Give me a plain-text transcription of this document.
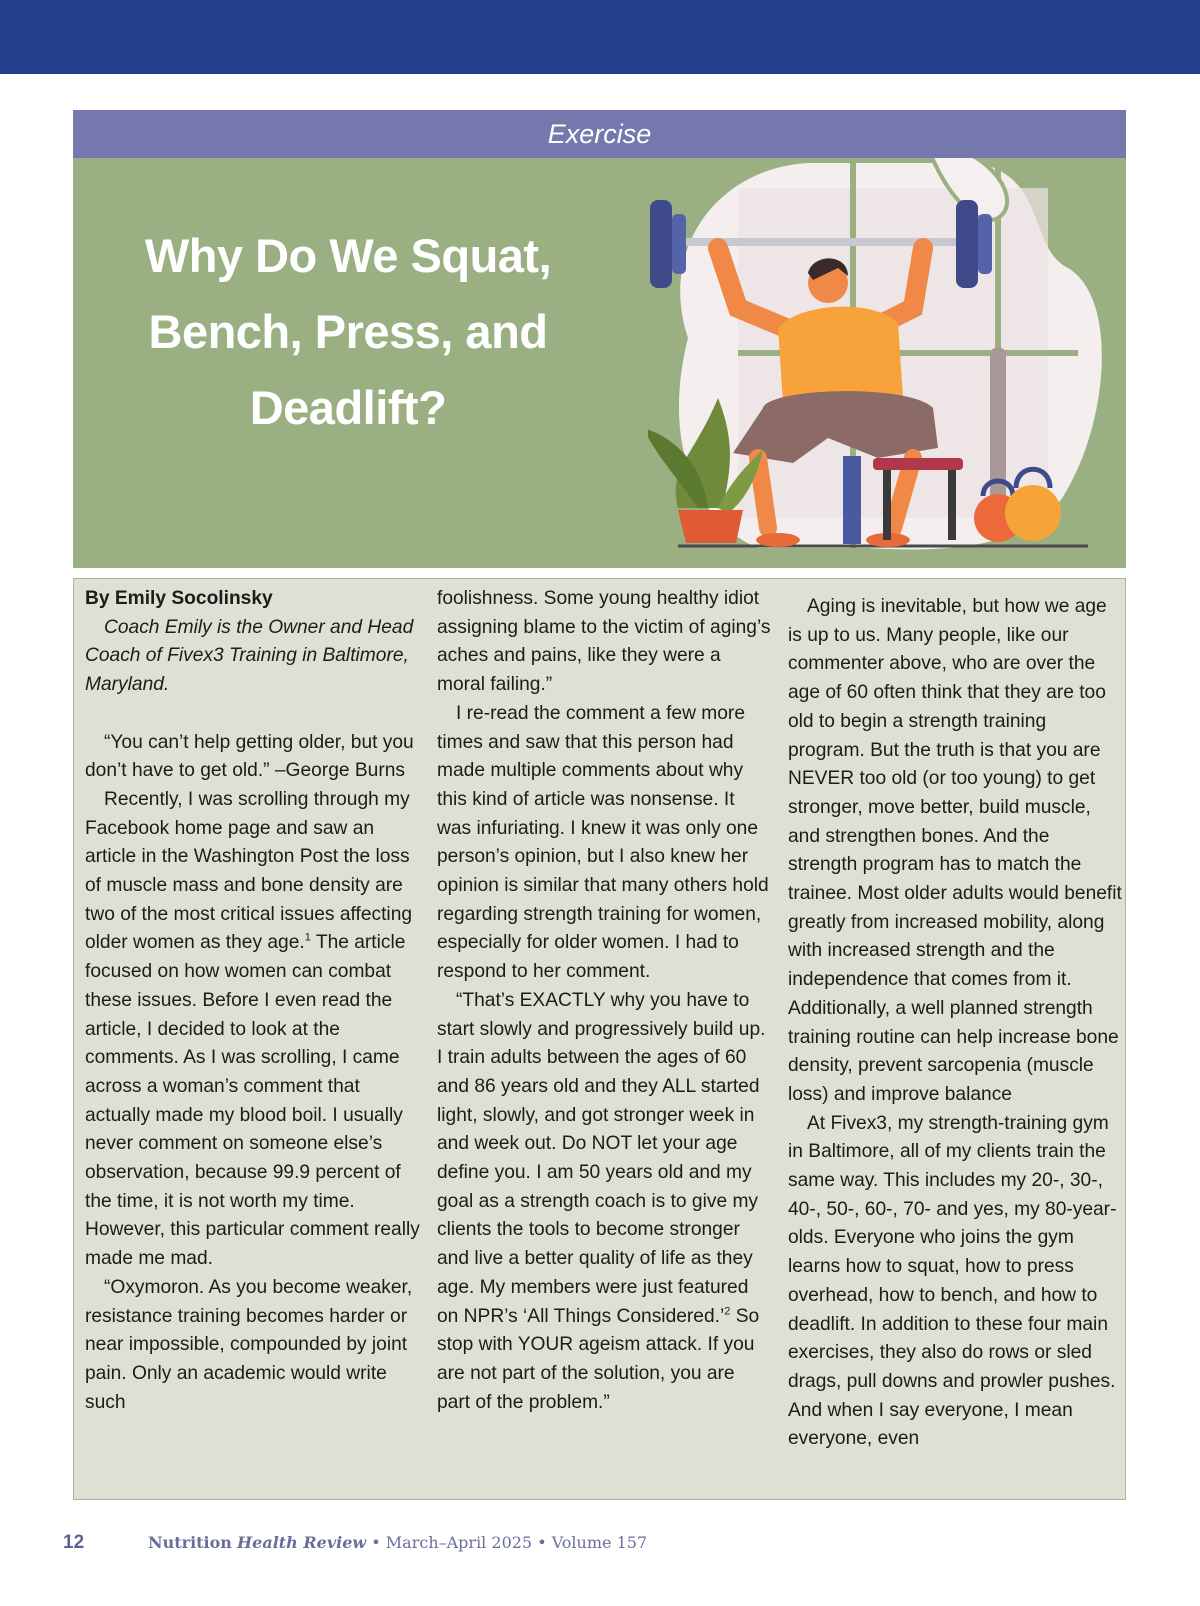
Exercise
Why Do We Squat,
Bench, Press, and
Deadlift?

By Emily Socolinsky

Coach Emily is the Owner and Head Coach of Fivex3 Training in Baltimore, Maryland.

“You can’t help getting older, but you don’t have to get old.” –George Burns

Recently, I was scrolling through my Facebook home page and saw an article in the Washington Post the loss of muscle mass and bone density are two of the most critical issues affecting older women as they age.$^1$ The article focused on how women can combat these issues. Before I even read the article, I decided to look at the comments. As I was scrolling, I came across a woman’s comment that actually made my blood boil. I usually never comment on someone else’s observation, because 99.9 percent of the time, it is not worth my time. However, this particular comment really made me mad.

“Oxymoron. As you become weaker, resistance training becomes harder or near impossible, compounded by joint pain. Only an academic would write such

foolishness. Some young healthy idiot assigning blame to the victim of aging’s aches and pains, like they were a moral failing.”

I re-read the comment a few more times and saw that this person had made multiple comments about why this kind of article was nonsense. It was infuriating. I knew it was only one person’s opinion, but I also knew her opinion is similar that many others hold regarding strength training for women, especially for older women. I had to respond to her comment.

“That’s EXACTLY why you have to start slowly and progressively build up. I train adults between the ages of 60 and 86 years old and they ALL started light, slowly, and got stronger week in and week out. Do NOT let your age define you. I am 50 years old and my goal as a strength coach is to give my clients the tools to become stronger and live a better quality of life as they age. My members were just featured on NPR’s ‘All Things Considered.’$^2$ So stop with YOUR ageism attack. If you are not part of the solution, you are part of the problem.”

Aging is inevitable, but how we age is up to us. Many people, like our commenter above, who are over the age of 60 often think that they are too old to begin a strength training program. But the truth is that you are NEVER too old (or too young) to get stronger, move better, build muscle, and strengthen bones. And the strength program has to match the trainee. Most older adults would benefit greatly from increased mobility, along with increased strength and the independence that comes from it. Additionally, a well planned strength training routine can help increase bone density, prevent sarcopenia (muscle loss) and improve balance

At Fivex3, my strength-training gym in Baltimore, all of my clients train the same way. This includes my 20-, 30-, 40-, 50-, 60-, 70- and yes, my 80-year-olds. Everyone who joins the gym learns how to squat, how to press overhead, how to bench, and how to deadlift. In addition to these four main exercises, they also do rows or sled drags, pull downs and prowler pushes. And when I say everyone, I mean everyone, even

12	Nutrition Health Review • March–April 2025 • Volume 157
